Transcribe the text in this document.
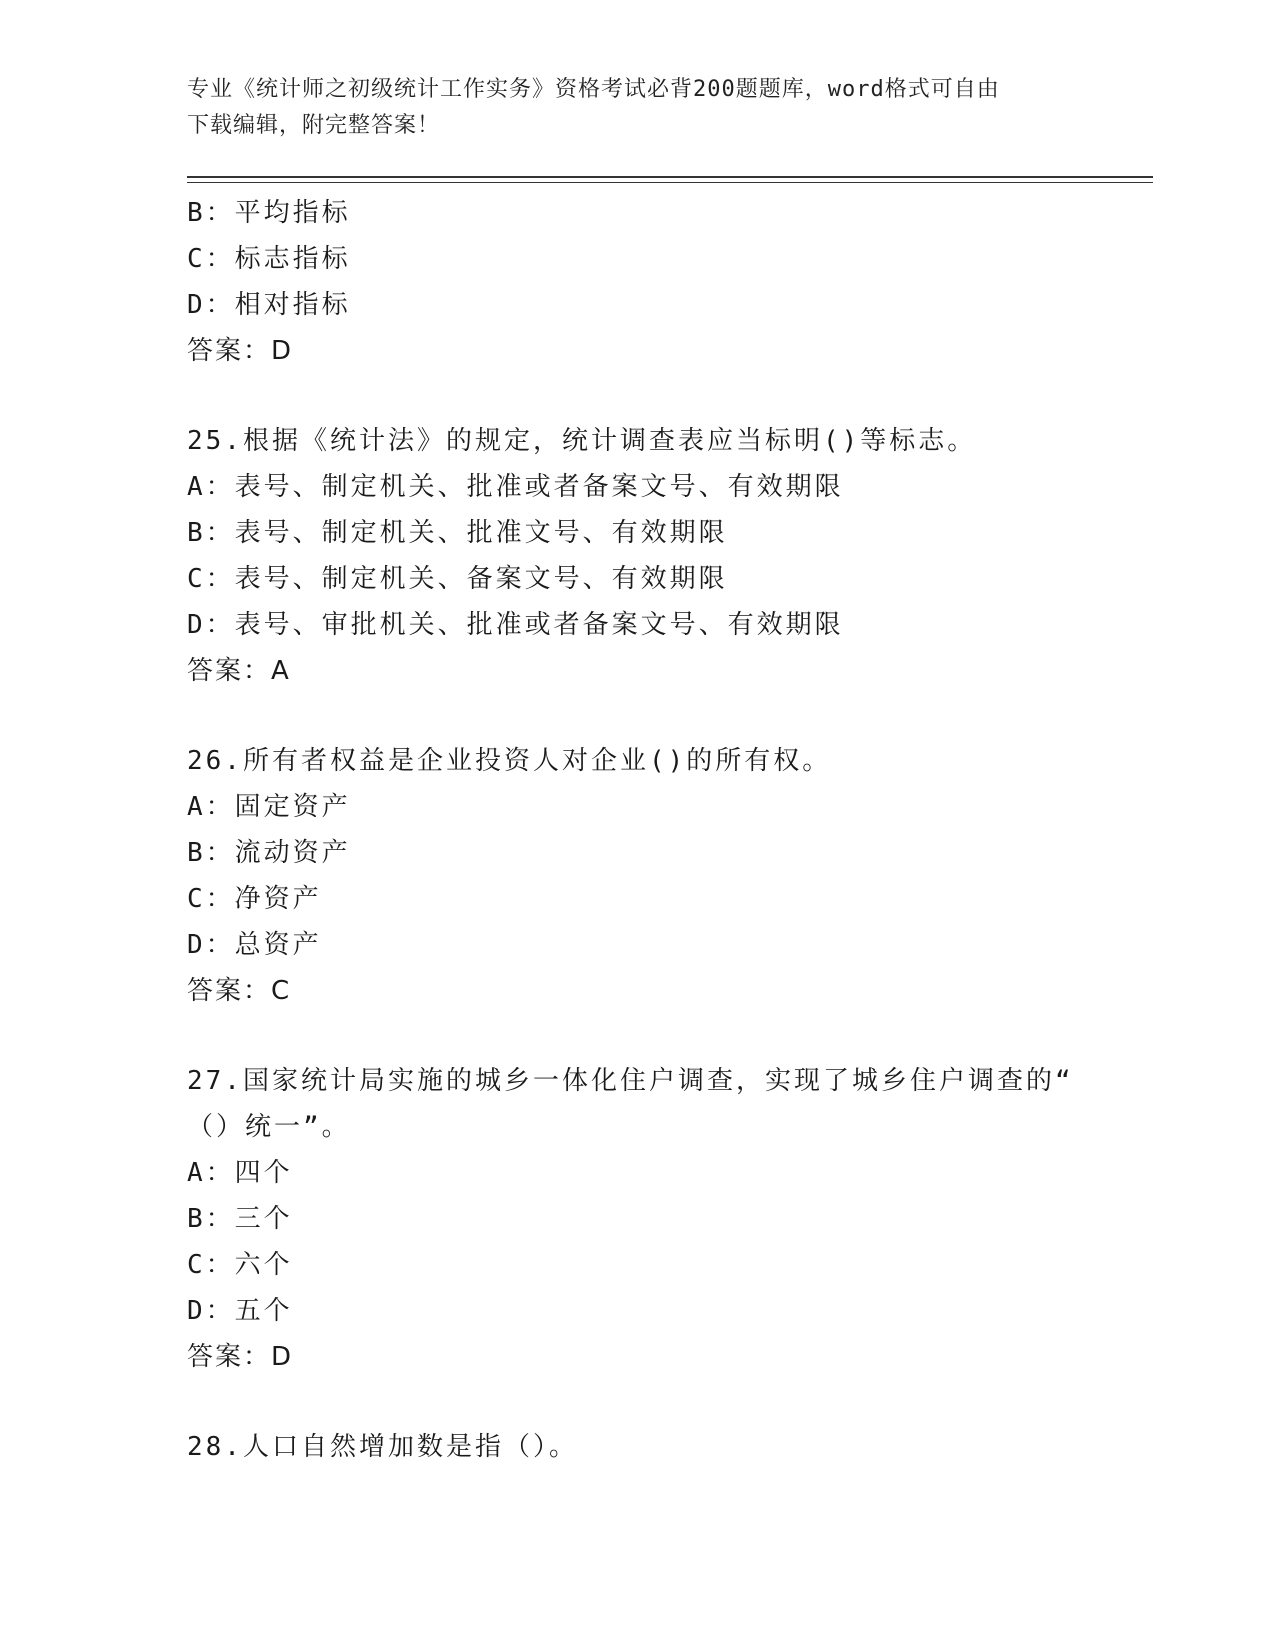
专业《统计师之初级统计工作实务》资格考试必背200题题库，word格式可自由
下载编辑，附完整答案！
B：平均指标
C：标志指标
D：相对指标
答案：D
25.根据《统计法》的规定，统计调查表应当标明()等标志。
A：表号、制定机关、批准或者备案文号、有效期限
B：表号、制定机关、批准文号、有效期限
C：表号、制定机关、备案文号、有效期限
D：表号、审批机关、批准或者备案文号、有效期限
答案：A
26.所有者权益是企业投资人对企业()的所有权。
A：固定资产
B：流动资产
C：净资产
D：总资产
答案：C
27.国家统计局实施的城乡一体化住户调查，实现了城乡住户调查的“
（）统一”。
A：四个
B：三个
C：六个
D：五个
答案：D
28.人口自然增加数是指（）。
